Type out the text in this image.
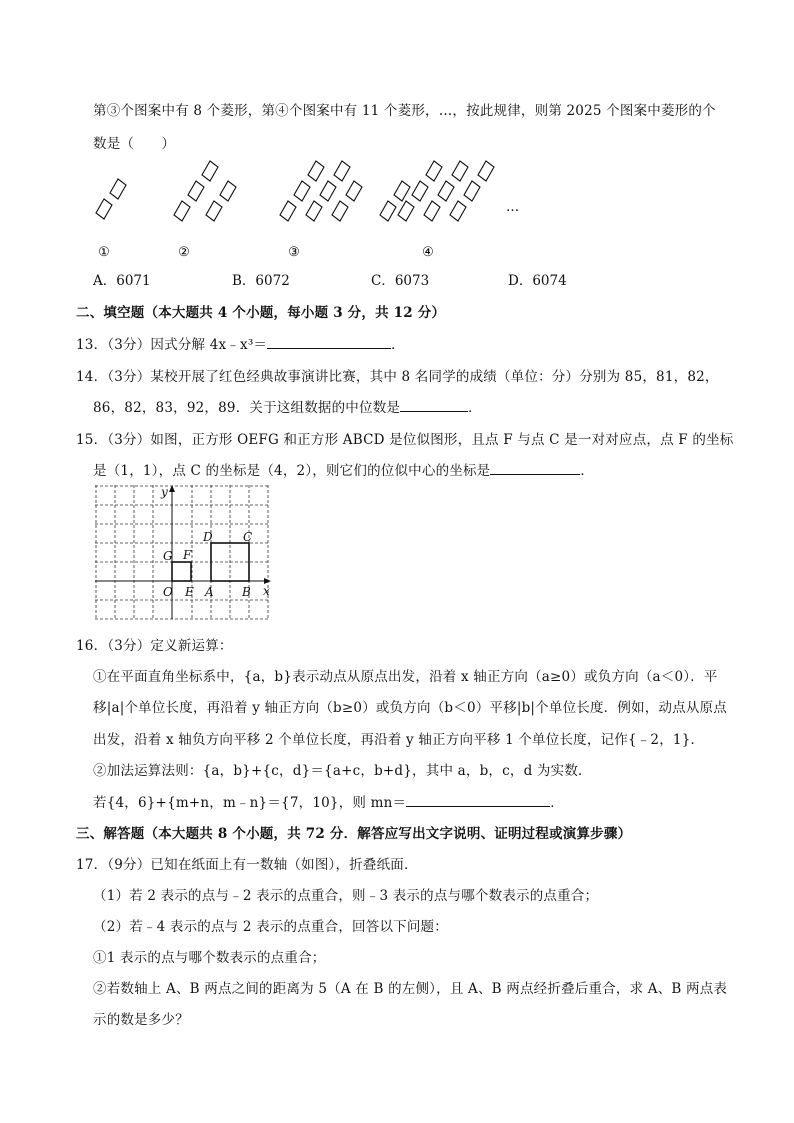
第③个图案中有 8 个菱形，第④个图案中有 11 个菱形，…，按此规律，则第 2025 个图案中菱形的个
数是（　　）
…
①	②	③	④
A．6071	B．6072	C．6073	D．6074
二、填空题（本大题共 4 个小题，每小题 3 分，共 12 分）
13．（3分）因式分解 4x﹣x³＝	．
14．（3分）某校开展了红色经典故事演讲比赛，其中 8 名同学的成绩（单位：分）分别为 85，81，82，
86，82，83，92，89．关于这组数据的中位数是	．
15．（3分）如图，正方形 OEFG 和正方形 ABCD 是位似图形，且点 F 与点 C 是一对对应点，点 F 的坐标
是（1，1），点 C 的坐标是（4，2），则它们的位似中心的坐标是	．
y
x
O E A B
G F
D	C
16．（3分）定义新运算：
①在平面直角坐标系中，{a，b}表示动点从原点出发，沿着 x 轴正方向（a≥0）或负方向（a＜0）．平
移|a|个单位长度，再沿着 y 轴正方向（b≥0）或负方向（b＜0）平移|b|个单位长度．例如，动点从原点
出发，沿着 x 轴负方向平移 2 个单位长度，再沿着 y 轴正方向平移 1 个单位长度，记作{﹣2，1}．
②加法运算法则：{a，b}+{c，d}＝{a+c，b+d}，其中 a，b，c，d 为实数．
若{4，6}+{m+n，m﹣n}＝{7，10}，则 mn＝	．
三、解答题（本大题共 8 个小题，共 72 分．解答应写出文字说明、证明过程或演算步骤）
17．（9分）已知在纸面上有一数轴（如图），折叠纸面．
（1）若 2 表示的点与﹣2 表示的点重合，则﹣3 表示的点与哪个数表示的点重合；
（2）若﹣4 表示的点与 2 表示的点重合，回答以下问题：
①1 表示的点与哪个数表示的点重合；
②若数轴上 A、B 两点之间的距离为 5（A 在 B 的左侧），且 A、B 两点经折叠后重合，求 A、B 两点表
示的数是多少？
